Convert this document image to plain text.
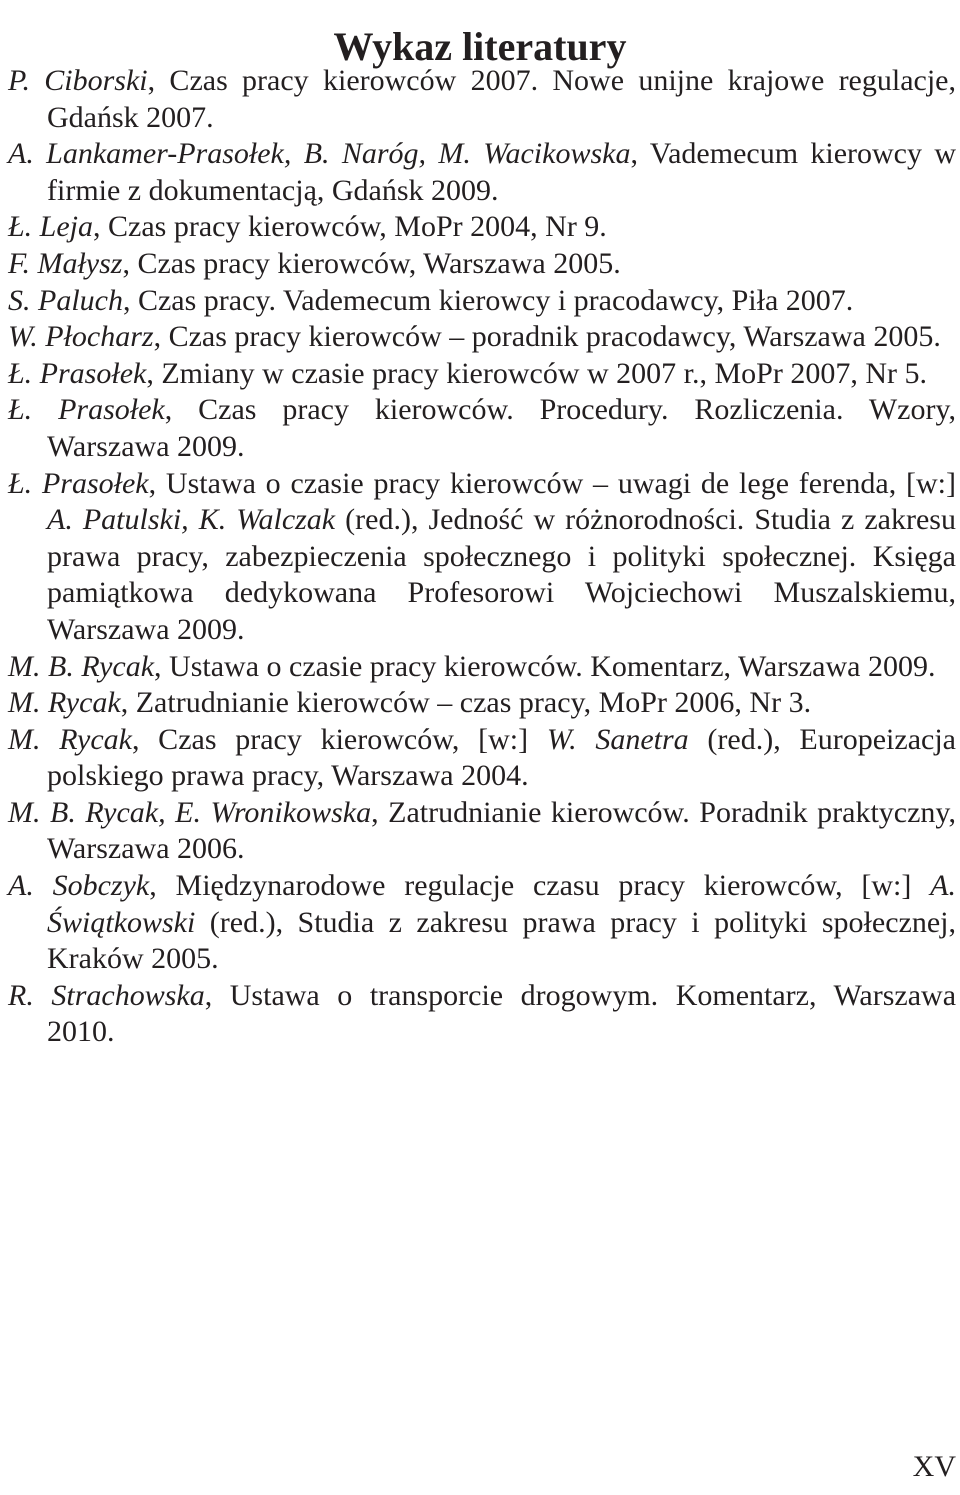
Wykaz literatury
P. Ciborski, Czas pracy kierowców 2007. Nowe unijne krajowe regulacje, Gdańsk 2007.
A. Lankamer-Prasołek, B. Naróg, M. Wacikowska, Vademecum kierowcy w firmie z dokumentacją, Gdańsk 2009.
Ł. Leja, Czas pracy kierowców, MoPr 2004, Nr 9.
F. Małysz, Czas pracy kierowców, Warszawa 2005.
S. Paluch, Czas pracy. Vademecum kierowcy i pracodawcy, Piła 2007.
W. Płocharz, Czas pracy kierowców – poradnik pracodawcy, Warszawa 2005.
Ł. Prasołek, Zmiany w czasie pracy kierowców w 2007 r., MoPr 2007, Nr 5.
Ł. Prasołek, Czas pracy kierowców. Procedury. Rozliczenia. Wzory, Warszawa 2009.
Ł. Prasołek, Ustawa o czasie pracy kierowców – uwagi de lege ferenda, [w:] A. Patulski, K. Walczak (red.), Jedność w różnorodności. Studia z zakresu prawa pracy, zabezpieczenia społecznego i polityki społecznej. Księga pamiątkowa dedykowana Profesorowi Wojciechowi Muszalskiemu, Warszawa 2009.
M. B. Rycak, Ustawa o czasie pracy kierowców. Komentarz, Warszawa 2009.
M. Rycak, Zatrudnianie kierowców – czas pracy, MoPr 2006, Nr 3.
M. Rycak, Czas pracy kierowców, [w:] W. Sanetra (red.), Europeizacja polskiego prawa pracy, Warszawa 2004.
M. B. Rycak, E. Wronikowska, Zatrudnianie kierowców. Poradnik praktyczny, Warszawa 2006.
A. Sobczyk, Międzynarodowe regulacje czasu pracy kierowców, [w:] A. Świątkowski (red.), Studia z zakresu prawa pracy i polityki społecznej, Kraków 2005.
R. Strachowska, Ustawa o transporcie drogowym. Komentarz, Warszawa 2010.
XV
